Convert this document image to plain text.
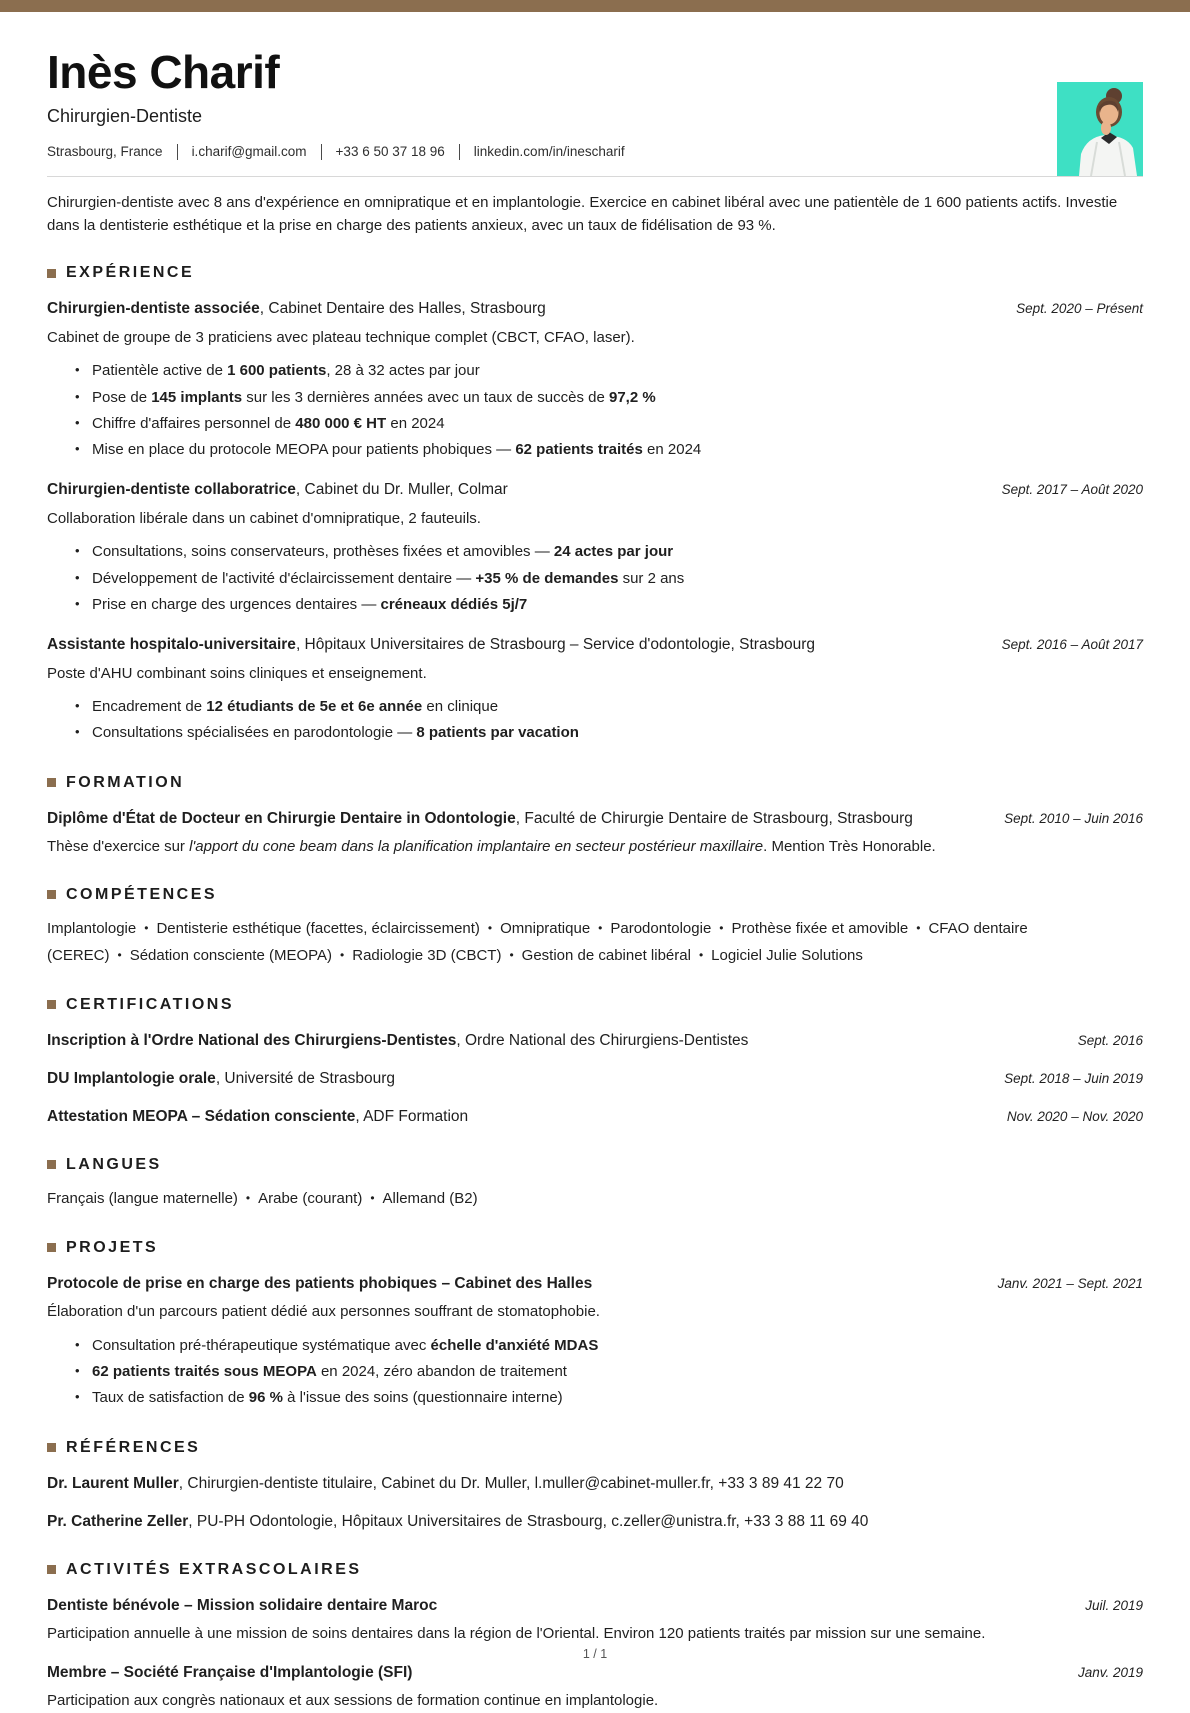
Inès Charif
Chirurgien-Dentiste
Strasbourg, France i.charif@gmail.com +33 6 50 37 18 96 linkedin.com/in/inescharif

Chirurgien-dentiste avec 8 ans d'expérience en omnipratique et en implantologie. Exercice en cabinet libéral avec une patientèle de 1 600 patients actifs. Investie dans la dentisterie esthétique et la prise en charge des patients anxieux, avec un taux de fidélisation de 93 %.

EXPÉRIENCE
Chirurgien-dentiste associée, Cabinet Dentaire des Halles, Strasbourg	Sept. 2020 – Présent

Cabinet de groupe de 3 praticiens avec plateau technique complet (CBCT, CFAO, laser).

• Patientèle active de 1 600 patients, 28 à 32 actes par jour
• Pose de 145 implants sur les 3 dernières années avec un taux de succès de 97,2 %
• Chiffre d'affaires personnel de 480 000 € HT en 2024
• Mise en place du protocole MEOPA pour patients phobiques — 62 patients traités en 2024
Chirurgien-dentiste collaboratrice, Cabinet du Dr. Muller, Colmar	Sept. 2017 – Août 2020

Collaboration libérale dans un cabinet d'omnipratique, 2 fauteuils.

• Consultations, soins conservateurs, prothèses fixées et amovibles — 24 actes par jour
• Développement de l'activité d'éclaircissement dentaire — +35 % de demandes sur 2 ans
• Prise en charge des urgences dentaires — créneaux dédiés 5j/7
Assistante hospitalo-universitaire, Hôpitaux Universitaires de Strasbourg – Service d'odontologie, Strasbourg	Sept. 2016 – Août 2017

Poste d'AHU combinant soins cliniques et enseignement.

• Encadrement de 12 étudiants de 5e et 6e année en clinique
• Consultations spécialisées en parodontologie — 8 patients par vacation
FORMATION
Diplôme d'État de Docteur en Chirurgie Dentaire in Odontologie, Faculté de Chirurgie Dentaire de Strasbourg, Strasbourg	Sept. 2010 – Juin 2016

Thèse d'exercice sur l'apport du cone beam dans la planification implantaire en secteur postérieur maxillaire. Mention Très Honorable.

COMPÉTENCES

Implantologie • Dentisterie esthétique (facettes, éclaircissement) • Omnipratique • Parodontologie • Prothèse fixée et amovible • CFAO dentaire (CEREC) • Sédation consciente (MEOPA) • Radiologie 3D (CBCT) • Gestion de cabinet libéral • Logiciel Julie Solutions

CERTIFICATIONS
Inscription à l'Ordre National des Chirurgiens-Dentistes, Ordre National des Chirurgiens-Dentistes	Sept. 2016
DU Implantologie orale, Université de Strasbourg	Sept. 2018 – Juin 2019
Attestation MEOPA – Sédation consciente, ADF Formation	Nov. 2020 – Nov. 2020
LANGUES

Français (langue maternelle) • Arabe (courant) • Allemand (B2)

PROJETS
Protocole de prise en charge des patients phobiques – Cabinet des Halles	Janv. 2021 – Sept. 2021

Élaboration d'un parcours patient dédié aux personnes souffrant de stomatophobie.

• Consultation pré-thérapeutique systématique avec échelle d'anxiété MDAS
• 62 patients traités sous MEOPA en 2024, zéro abandon de traitement
• Taux de satisfaction de 96 % à l'issue des soins (questionnaire interne)
RÉFÉRENCES
Dr. Laurent Muller, Chirurgien-dentiste titulaire, Cabinet du Dr. Muller, l.muller@cabinet-muller.fr, +33 3 89 41 22 70
Pr. Catherine Zeller, PU-PH Odontologie, Hôpitaux Universitaires de Strasbourg, c.zeller@unistra.fr, +33 3 88 11 69 40
ACTIVITÉS EXTRASCOLAIRES
Dentiste bénévole – Mission solidaire dentaire Maroc	Juil. 2019

Participation annuelle à une mission de soins dentaires dans la région de l'Oriental. Environ 120 patients traités par mission sur une semaine.

Membre – Société Française d'Implantologie (SFI)	Janv. 2019

Participation aux congrès nationaux et aux sessions de formation continue en implantologie.

1 / 1
